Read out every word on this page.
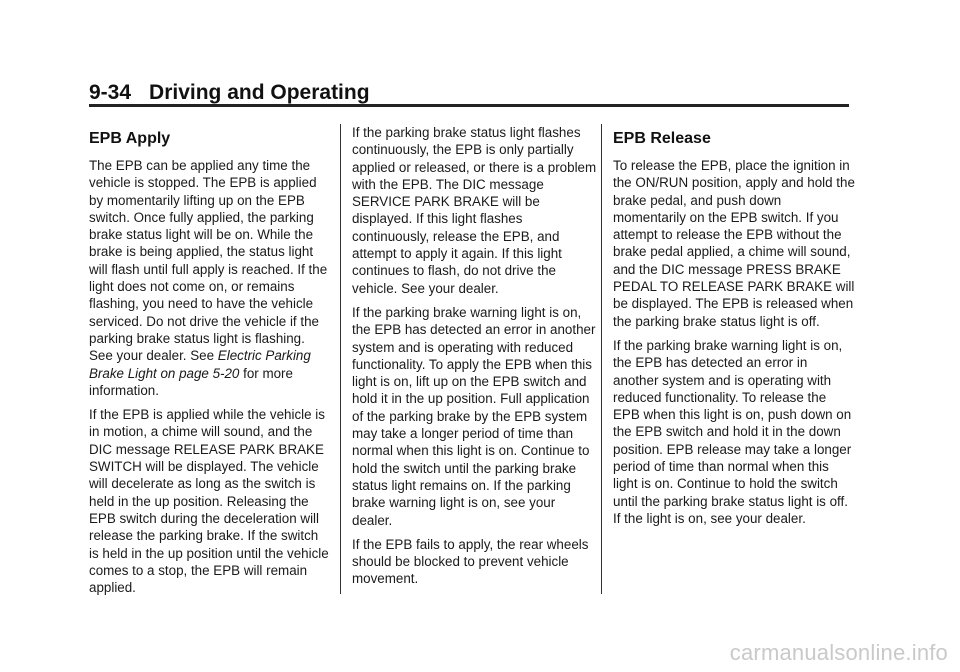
9-34 Driving and Operating
EPB Apply

The EPB can be applied any time the vehicle is stopped. The EPB is applied by momentarily lifting up on the EPB switch. Once fully applied, the parking brake status light will be on. While the brake is being applied, the status light will flash until full apply is reached. If the light does not come on, or remains flashing, you need to have the vehicle serviced. Do not drive the vehicle if the parking brake status light is flashing. See your dealer. See Electric Parking Brake Light on page 5-20 for more information.

If the EPB is applied while the vehicle is in motion, a chime will sound, and the DIC message RELEASE PARK BRAKE SWITCH will be displayed. The vehicle will decelerate as long as the switch is held in the up position. Releasing the EPB switch during the deceleration will release the parking brake. If the switch is held in the up position until the vehicle comes to a stop, the EPB will remain applied.

If the parking brake status light flashes continuously, the EPB is only partially applied or released, or there is a problem with the EPB. The DIC message SERVICE PARK BRAKE will be displayed. If this light flashes continuously, release the EPB, and attempt to apply it again. If this light continues to flash, do not drive the vehicle. See your dealer.

If the parking brake warning light is on, the EPB has detected an error in another system and is operating with reduced functionality. To apply the EPB when this light is on, lift up on the EPB switch and hold it in the up position. Full application of the parking brake by the EPB system may take a longer period of time than normal when this light is on. Continue to hold the switch until the parking brake status light remains on. If the parking brake warning light is on, see your dealer.

If the EPB fails to apply, the rear wheels should be blocked to prevent vehicle movement.

EPB Release

To release the EPB, place the ignition in the ON/RUN position, apply and hold the brake pedal, and push down momentarily on the EPB switch. If you attempt to release the EPB without the brake pedal applied, a chime will sound, and the DIC message PRESS BRAKE PEDAL TO RELEASE PARK BRAKE will be displayed. The EPB is released when the parking brake status light is off.

If the parking brake warning light is on, the EPB has detected an error in another system and is operating with reduced functionality. To release the EPB when this light is on, push down on the EPB switch and hold it in the down position. EPB release may take a longer period of time than normal when this light is on. Continue to hold the switch until the parking brake status light is off. If the light is on, see your dealer.

carmanualsonline.info
